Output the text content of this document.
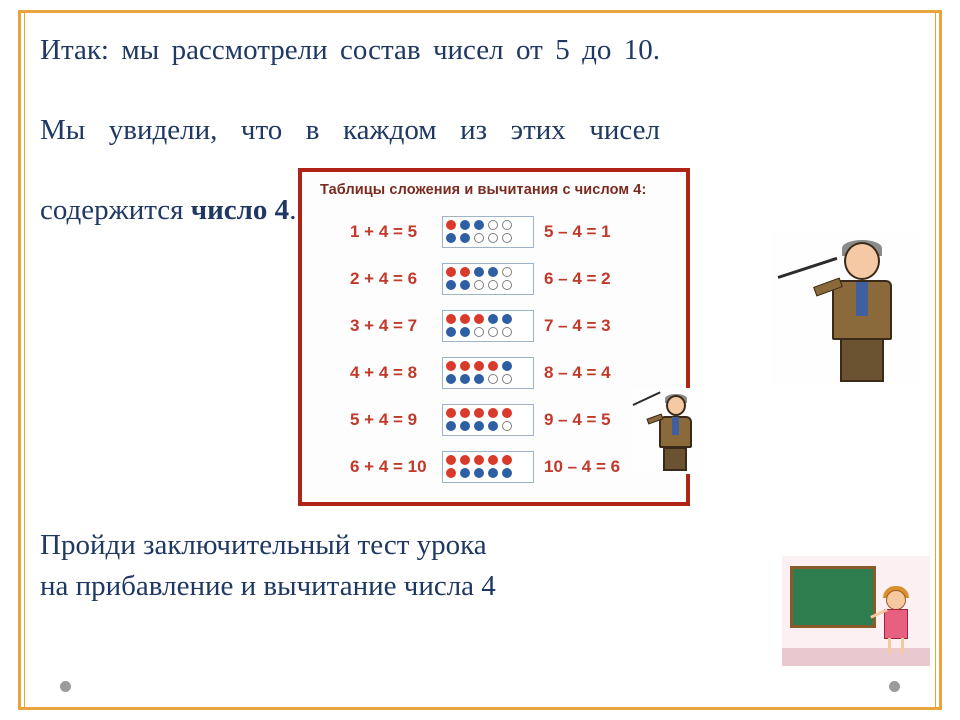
Итак: мы рассмотрели состав чисел от 5 до 10.
Мы увидели, что в каждом из этих чисел
содержится число 4.
Таблицы сложения и вычитания с числом 4:
1 + 4 = 5	5 – 4 = 1
2 + 4 = 6	6 – 4 = 2
3 + 4 = 7	7 – 4 = 3
4 + 4 = 8	8 – 4 = 4
5 + 4 = 9	9 – 4 = 5
6 + 4 = 10	10 – 4 = 6
Пройди заключительный тест урока
на прибавление и вычитание числа 4
